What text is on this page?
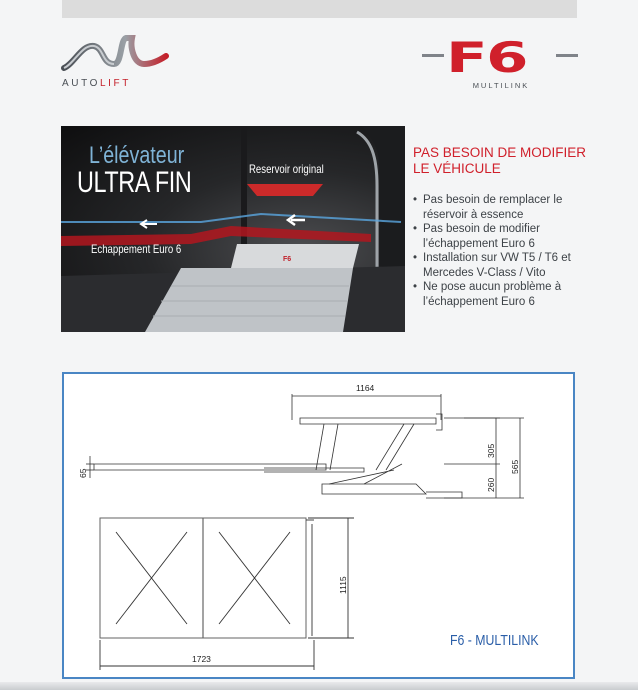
AUTOLIFT
F6
MULTILINK
L’élévateur
ULTRA FIN	Reservoir original
Echappement Euro 6
F6
PAS BESOIN DE MODIFIER LE VÉHICULE
• Pas besoin de remplacer le réservoir à essence
• Pas besoin de modifier l’échappement Euro 6
• Installation sur VW T5 / T6 et Mercedes V-Class / Vito
• Ne pose aucun problème à l’échappement Euro 6
1164
305
565
260
65
1115
1723
F6 - MULTILINK
